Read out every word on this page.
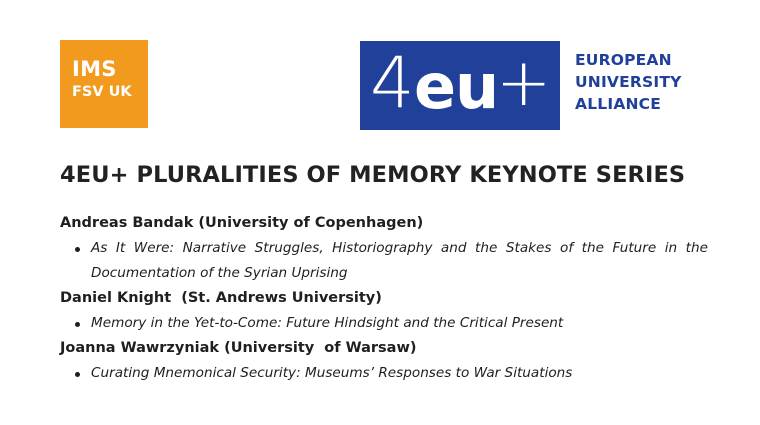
IMS
FSV UK	4 eu
+ EUROPEAN
UNIVERSITY
ALLIANCE
4EU+ PLURALITIES OF MEMORY KEYNOTE SERIES
Andreas Bandak (University of Copenhagen)
As It Were: Narrative Struggles, Historiography and the Stakes of the Future in the Documentation of the Syrian Uprising
Daniel Knight  (St. Andrews University)
Memory in the Yet-to-Come: Future Hindsight and the Critical Present
Joanna Wawrzyniak (University  of Warsaw)
Curating Mnemonical Security: Museums’ Responses to War Situations
